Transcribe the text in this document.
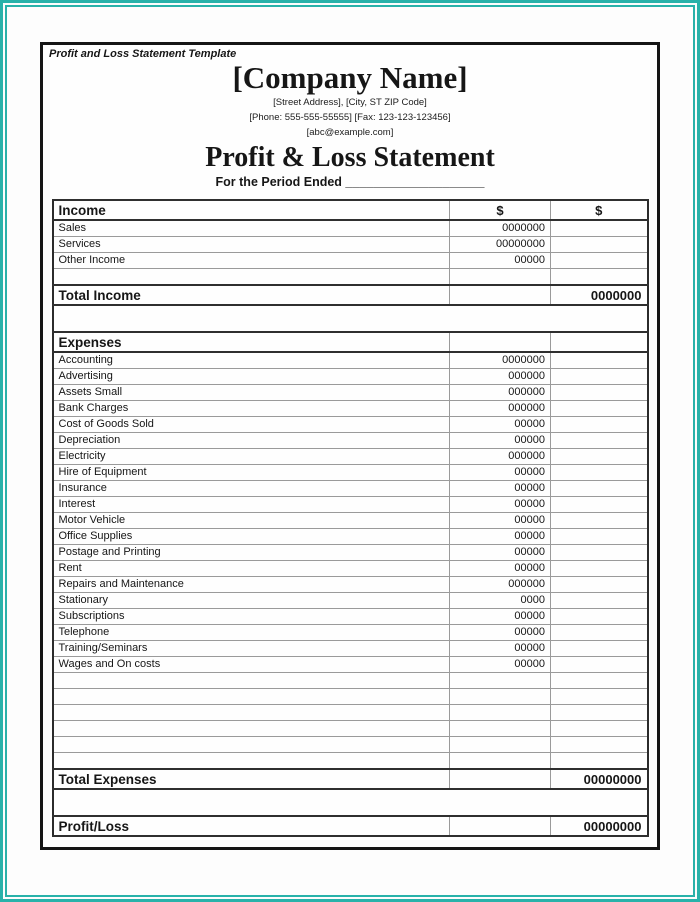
Profit and Loss Statement Template
[Company Name]
[Street Address], [City, ST ZIP Code]
[Phone: 555-555-55555] [Fax: 123-123-123456]
[abc@example.com]
Profit & Loss Statement
For the Period Ended ____________________
Income	$	$
Sales	0000000	
Services	00000000	
Other Income	00000	

Total Income		0000000

Expenses		
Accounting	0000000	
Advertising	000000	
Assets Small	000000	
Bank Charges	000000	
Cost of Goods Sold	00000	
Depreciation	00000	
Electricity	000000	
Hire of Equipment	00000	
Insurance	00000	
Interest	00000	
Motor Vehicle	00000	
Office Supplies	00000	
Postage and Printing	00000	
Rent	00000	
Repairs and Maintenance	000000	
Stationary	0000	
Subscriptions	00000	
Telephone	00000	
Training/Seminars	00000	
Wages and On costs	00000	

Total Expenses		00000000

Profit/Loss		00000000
